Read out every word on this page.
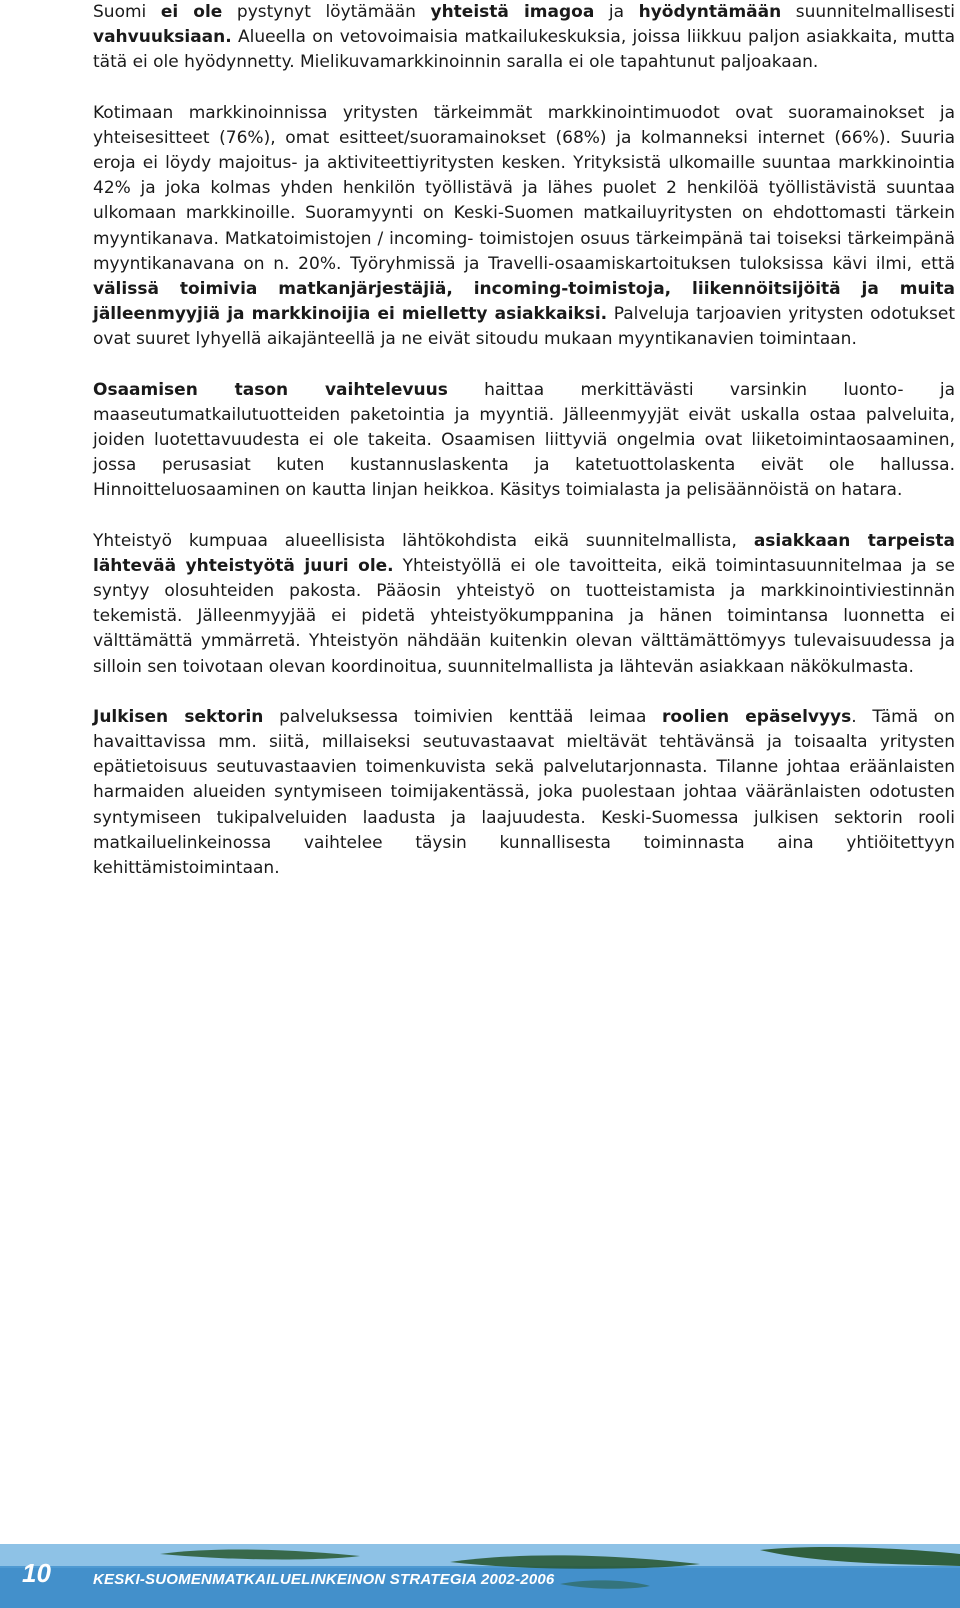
Suomi ei ole pystynyt löytämään yhteistä imagoa ja hyödyntämään suunnitelmallisesti vahvuuksiaan. Alueella on vetovoimaisia matkailukeskuksia, joissa liikkuu paljon asiakkaita, mutta tätä ei ole hyödynnetty. Mielikuvamarkkinoinnin saralla ei ole tapahtunut paljoakaan.

Kotimaan markkinoinnissa yritysten tärkeimmät markkinointimuodot ovat suoramainokset ja yhteisesitteet (76%), omat esitteet/suoramainokset (68%) ja kolmanneksi internet (66%). Suuria eroja ei löydy majoitus- ja aktiviteettiyritysten kesken. Yrityksistä ulkomaille suuntaa markkinointia 42% ja joka kolmas yhden henkilön työllistävä ja lähes puolet 2 henkilöä työllistävistä suuntaa ulkomaan markkinoille. Suoramyynti on Keski-Suomen matkailuyritysten on ehdottomasti tärkein myyntikanava. Matkatoimistojen / incoming- toimistojen osuus tärkeimpänä tai toiseksi tärkeimpänä myyntikanavana on n. 20%. Työryhmissä ja Travelli-osaamiskartoituksen tuloksissa kävi ilmi, että välissä toimivia matkanjärjestäjiä, incoming-toimistoja, liikennöitsijöitä ja muita jälleenmyyjiä ja markkinoijia ei mielletty asiakkaiksi. Palveluja tarjoavien yritysten odotukset ovat suuret lyhyellä aikajänteellä ja ne eivät sitoudu mukaan myyntikanavien toimintaan.

Osaamisen tason vaihtelevuus haittaa merkittävästi varsinkin luonto- ja maaseutumatkailutuotteiden paketointia ja myyntiä. Jälleenmyyjät eivät uskalla ostaa palveluita, joiden luotettavuudesta ei ole takeita. Osaamisen liittyviä ongelmia ovat liiketoimintaosaaminen, jossa perusasiat kuten kustannuslaskenta ja katetuottolaskenta eivät ole hallussa. Hinnoitteluosaaminen on kautta linjan heikkoa. Käsitys toimialasta ja pelisäännöistä on hatara.

Yhteistyö kumpuaa alueellisista lähtökohdista eikä suunnitelmallista, asiakkaan tarpeista lähtevää yhteistyötä juuri ole. Yhteistyöllä ei ole tavoitteita, eikä toimintasuunnitelmaa ja se syntyy olosuhteiden pakosta. Pääosin yhteistyö on tuotteistamista ja markkinointiviestinnän tekemistä. Jälleenmyyjää ei pidetä yhteistyökumppanina ja hänen toimintansa luonnetta ei välttämättä ymmärretä. Yhteistyön nähdään kuitenkin olevan välttämättömyys tulevaisuudessa ja silloin sen toivotaan olevan koordinoitua, suunnitelmallista ja lähtevän asiakkaan näkökulmasta.

Julkisen sektorin palveluksessa toimivien kenttää leimaa roolien epäselvyys. Tämä on havaittavissa mm. siitä, millaiseksi seutuvastaavat mieltävät tehtävänsä ja toisaalta yritysten epätietoisuus seutuvastaavien toimenkuvista sekä palvelutarjonnasta. Tilanne johtaa eräänlaisten harmaiden alueiden syntymiseen toimijakentässä, joka puolestaan johtaa vääränlaisten odotusten syntymiseen tukipalveluiden laadusta ja laajuudesta. Keski-Suomessa julkisen sektorin rooli matkailuelinkeinossa vaihtelee täysin kunnallisesta toiminnasta aina yhtiöitettyyn kehittämistoimintaan.

10	KESKI-SUOMENMATKAILUELINKEINON STRATEGIA 2002-2006
